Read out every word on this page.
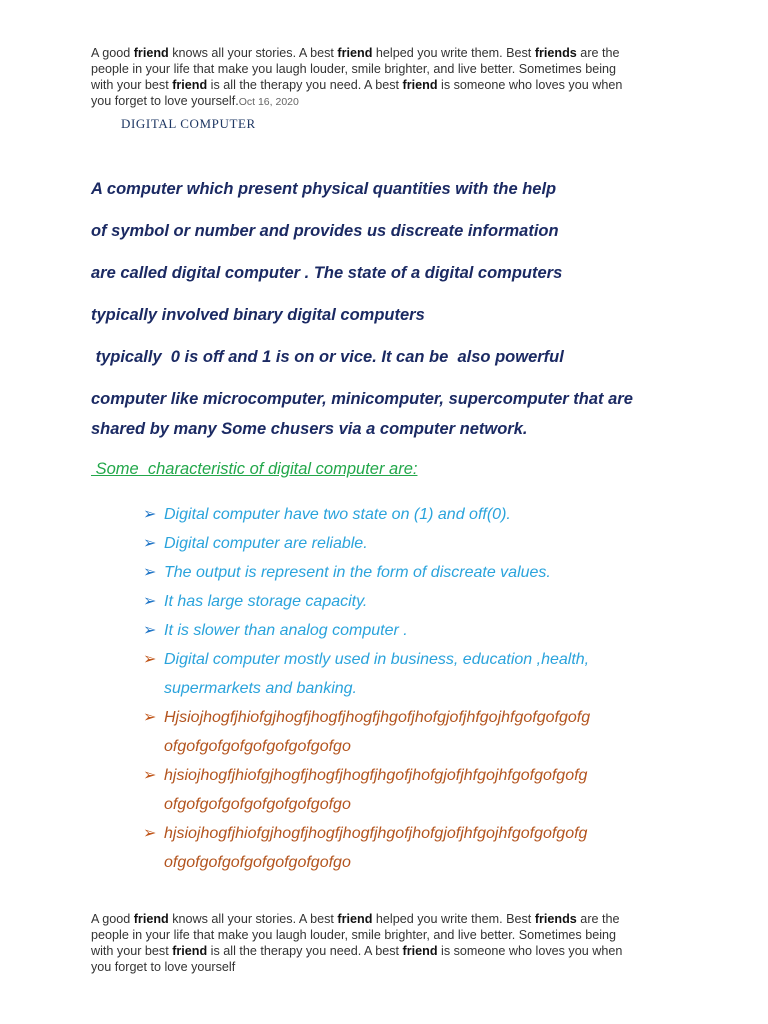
A good friend knows all your stories. A best friend helped you write them. Best friends are the
people in your life that make you laugh louder, smile brighter, and live better. Sometimes being
with your best friend is all the therapy you need. A best friend is someone who loves you when
you forget to love yourself.Oct 16, 2020
DIGITAL COMPUTER
A computer which present physical quantities with the help
of symbol or number and provides us discreate information
are called digital computer . The state of a digital computers
typically involved binary digital computers
typically  0 is off and 1 is on or vice. It can be  also powerful
computer like microcomputer, minicomputer, supercomputer that are
shared by many Some chusers via a computer network.
Some  characteristic of digital computer are:
➢ Digital computer have two state on (1) and off(0).
➢ Digital computer are reliable.
➢ The output is represent in the form of discreate values.
➢ It has large storage capacity.
➢ It is slower than analog computer .
➢ Digital computer mostly used in business, education ,health,
supermarkets and banking.
➢ Hjsiojhogfjhiofgjhogfjhogfjhogfjhgofjhofgjofjhfgojhfgofgofgofg
ofgofgofgofgofgofgofgofgo
➢ hjsiojhogfjhiofgjhogfjhogfjhogfjhgofjhofgjofjhfgojhfgofgofgofg
ofgofgofgofgofgofgofgofgo
➢ hjsiojhogfjhiofgjhogfjhogfjhogfjhgofjhofgjofjhfgojhfgofgofgofg
ofgofgofgofgofgofgofgofgo
A good friend knows all your stories. A best friend helped you write them. Best friends are the
people in your life that make you laugh louder, smile brighter, and live better. Sometimes being
with your best friend is all the therapy you need. A best friend is someone who loves you when
you forget to love yourself
